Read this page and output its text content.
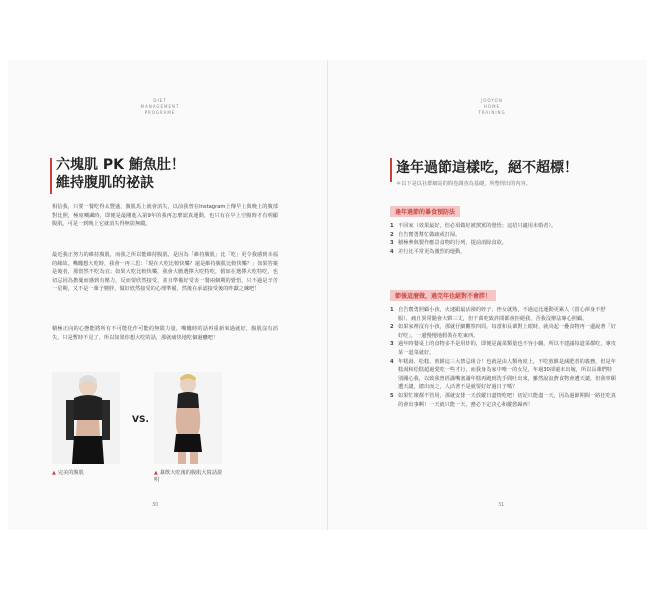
DIET
MANAGEMENT
PROGRAME
六塊肌 PK 鮪魚肚！
維持腹肌的祕訣
相信我，只要一餐吃得太豐盛，腹肌馬上就會消失，以前我曾在Instagram上傳早上與晚上的腹部對比照，極度嘲諷時，即便是最剛進入第9年的我再怎麼認真運動，也只有在早上空腹時才有明顯腹肌，可是一到晚上它就消失得無影無蹤。
最近我正努力的維持腹肌，而我之所以能維持腹肌，是因為「維持腹肌」比「吃」更令我感到幸福的緣故。嘴饞想大吃時，我會一再三思：「現在大吃比較快樂？還是維持腹肌比較快樂？」如果答案是後者，那當然不吃為宜；如果大吃比較快樂，我會大膽選擇大吃特吃，假如在選擇大吃特吃，也切忌因為擔憂而感到有壓力，反而要欣然接受，並且準備好受害一餐兩個期的覺悟，只不過是辛苦一星期，又不是一輩子變胖，做好欣然接受的心理準備，然後在承認接受後的昨獻之練吧！
積極正向的心態能將所有不可能化作可能的無限力量，嘴饞時的話再重新來過就好，腹肌沒有消失，只是暫時不見了，所以如果你想大吃的話，那就痛快地吃個過癮吧！
VS.
▲ 完美的腹肌	▲ 暴飲大吃後的腹肌大寫話證明
30
JOOYON
HOME
TRAINING
逢年過節這樣吃，絕不超標！
＊以下是以社群網站的問卷調查為基礎，所整理出的內容。
逢年過節的暴食預防法
1 不回家（效果最好，但必須做好被挨罵的覺悟；這招只適用未婚者）。
2 自告奮勇幫忙做疏戒打掃。
3 積極參與製作應景食物的行列，提前消除食欲。
4 差行比平常更為激烈的運動。
節後這麼做，過完年也絕對不會胖！
1 自告奮勇照顧小孩，火速跟最活潑的姪子、侄女就熟，不過這比運動更累人（當心渾身不舒服），痛且異常隨會大夥三丈，但千萬吃致詐間都會拒絕我，否我沒辦法專心照顧。
2 如果家裡沒有小孩，那就仔細觀察四周，每當和長輩對上眼時，就央起一疊食物再一邊說著「好好吃」，一邊慢慢地假裝在吃東西。
3 過年時餐桌上的食物多半是用炸的，即便是蔬菜類量也不容小覷，所以不建議每道菜都吃，專攻某一道菜就好。
4 年糕湯、松糕、煎餅這三大禁忌組合！也就是由人類角度上，不吃煎餅是減肥者的義務，但是年糕湯和松糕超過愛吃一些才行，而我身為家中唯一的女兒，年過30卻還未出嫁，所以長輩們特別關心我，以致我曾經滿嘴塞滿年糕再跑到洗手間吐出來，雖然說浪費食物會遭天譴，但我寧願遭天譴，總出而之，人活著不是就要好好過日子嗎？
5 如果忙壞都不管用，那就安排一天放縱日盡情吃吧！切記只能盡一天，因為過節期間一路狂吃真的會出事啊！一天就只能一天，務必下定決心和縱慾歸西！
31
